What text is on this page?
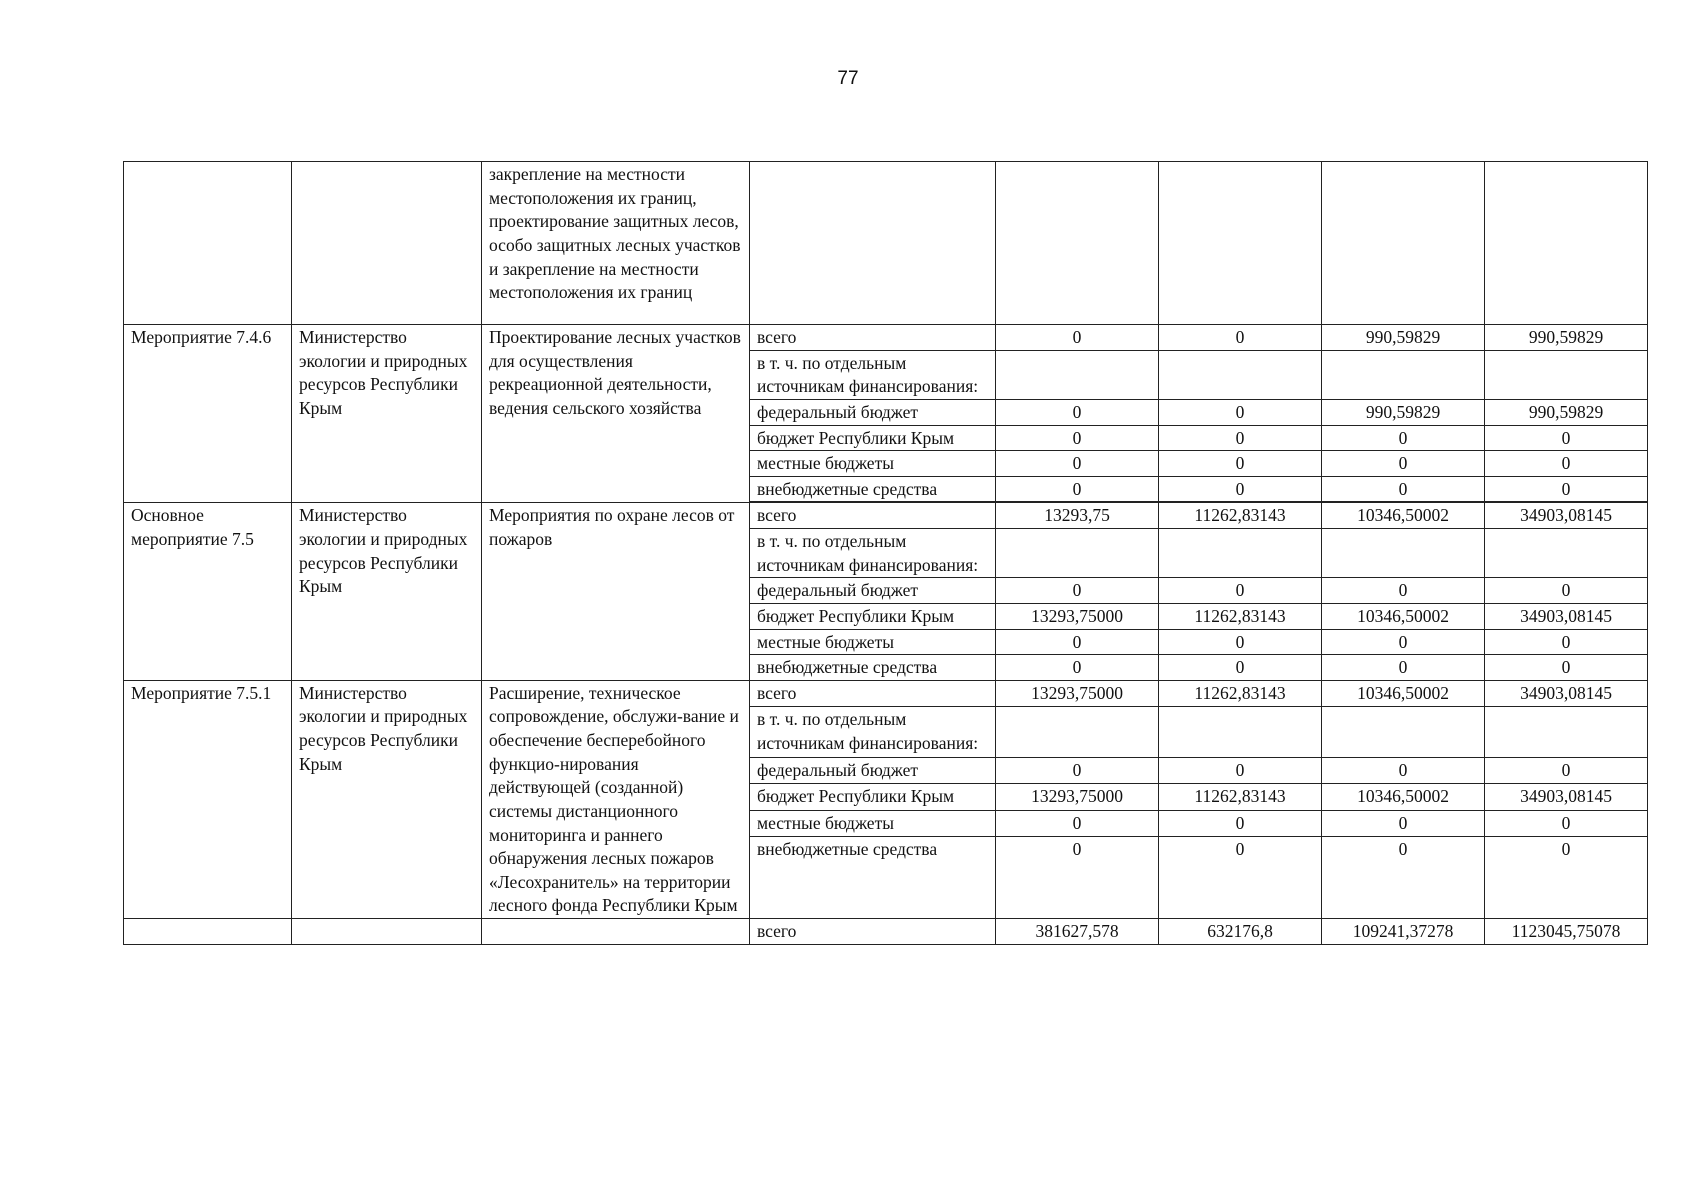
77
		закрепление на местности местоположения их границ, проектирование защитных лесов, особо защитных лесных участков и закрепление на местности местоположения их границ					
Мероприятие 7.4.6	Министерство экологии и природных ресурсов Республики Крым	Проектирование лесных участков для осуществления рекреационной деятельности, ведения сельского хозяйства	всего	0	0	990,59829	990,59829
			в т. ч. по отдельным источникам финансирования:				
			федеральный бюджет	0	0	990,59829	990,59829
			бюджет Республики Крым	0	0	0	0
			местные бюджеты	0	0	0	0
			внебюджетные средства	0	0	0	0

Основное мероприятие 7.5	Министерство экологии и природных ресурсов Республики Крым	Мероприятия по охране лесов от пожаров	всего	13293,75	11262,83143	10346,50002	34903,08145
			в т. ч. по отдельным источникам финансирования:				
			федеральный бюджет	0	0	0	0
			бюджет Республики Крым	13293,75000	11262,83143	10346,50002	34903,08145
			местные бюджеты	0	0	0	0
			внебюджетные средства	0	0	0	0
Мероприятие 7.5.1	Министерство экологии и природных ресурсов Республики Крым	Расширение, техническое сопровождение, обслужи-вание и обеспечение бесперебойного функцио-нирования действующей (созданной) системы дистанционного мониторинга и раннего обнаружения лесных пожаров «Лесохранитель» на территории лесного фонда Республики Крым	всего	13293,75000	11262,83143	10346,50002	34903,08145
			в т. ч. по отдельным источникам финансирования:				
			федеральный бюджет	0	0	0	0
			бюджет Республики Крым	13293,75000	11262,83143	10346,50002	34903,08145
			местные бюджеты	0	0	0	0
			внебюджетные средства	0	0	0	0
			всего	381627,578	632176,8	109241,37278	1123045,75078
